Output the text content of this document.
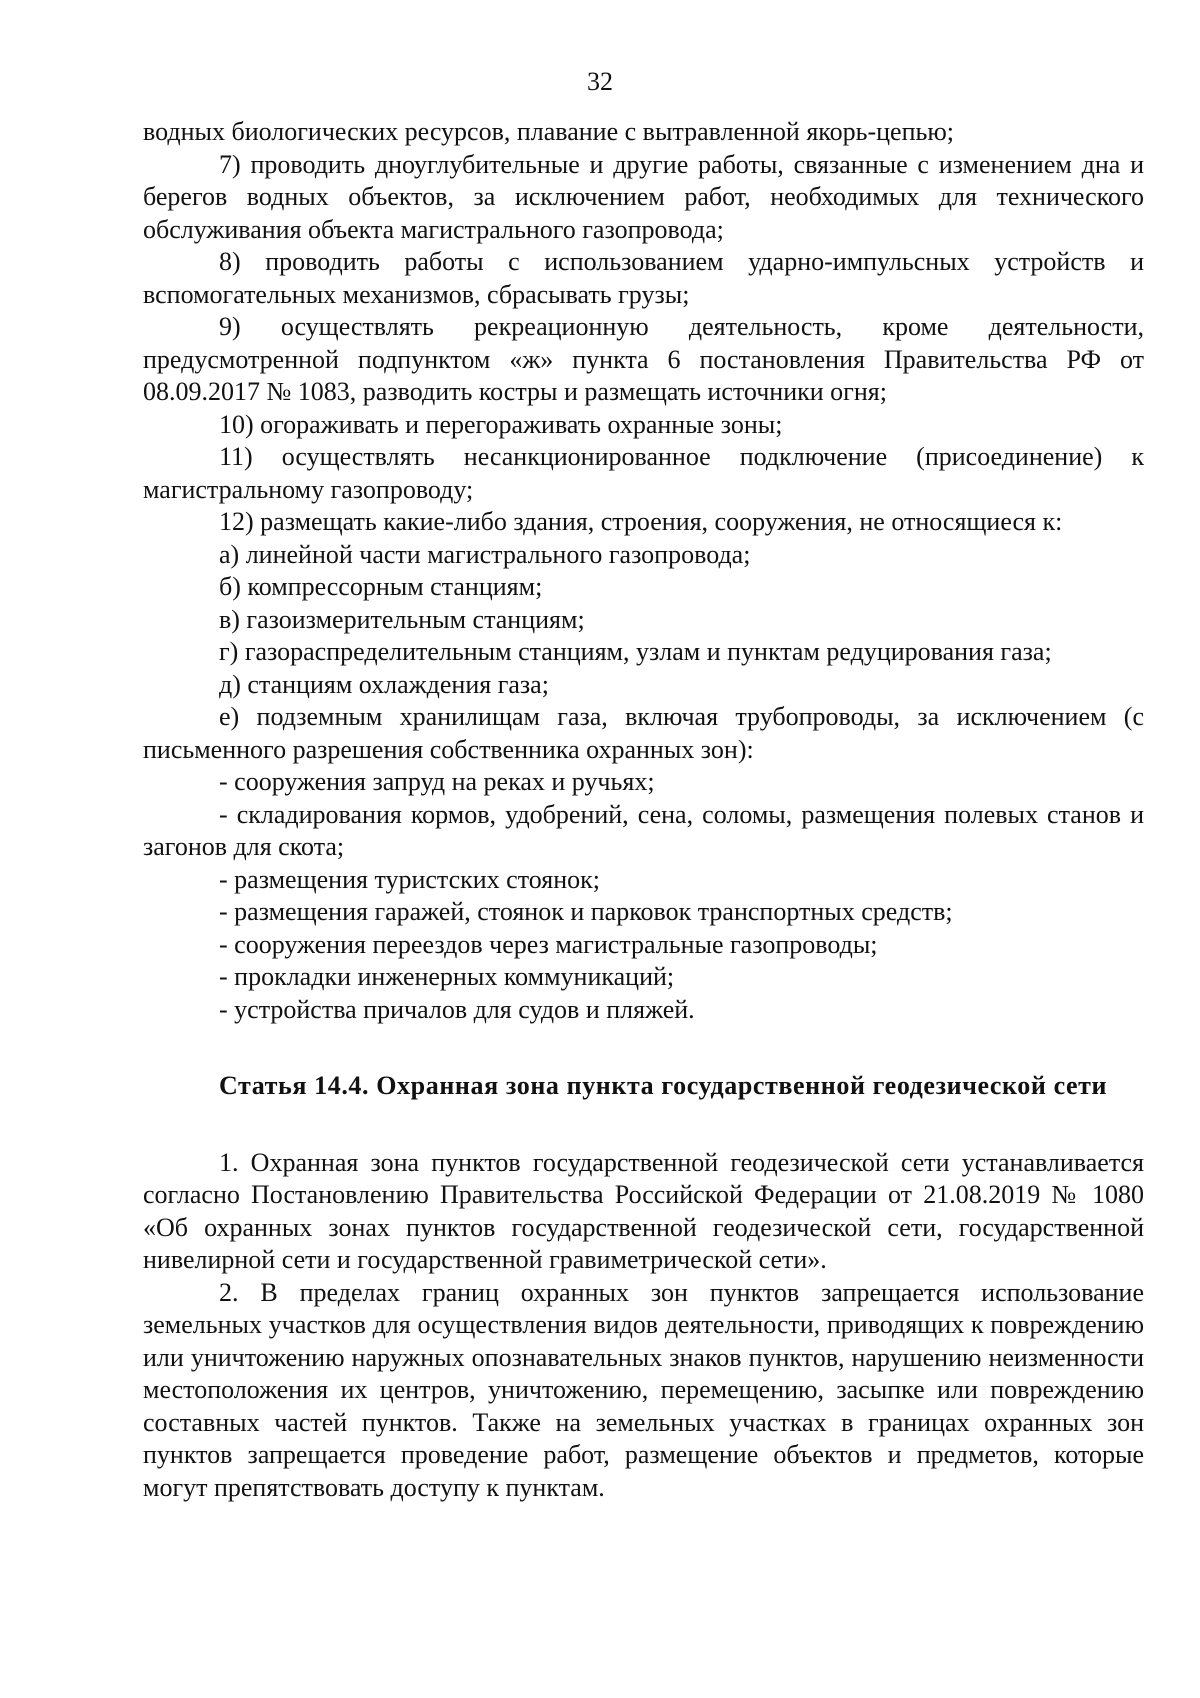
32

водных биологических ресурсов, плавание с вытравленной якорь-цепью;

7) проводить дноуглубительные и другие работы, связанные с изменением дна и берегов водных объектов, за исключением работ, необходимых для технического обслуживания объекта магистрального газопровода;

8) проводить работы с использованием ударно-импульсных устройств и вспомогательных механизмов, сбрасывать грузы;

9) осуществлять рекреационную деятельность, кроме деятельности, предусмотренной подпунктом «ж» пункта 6 постановления Правительства РФ от 08.09.2017 № 1083, разводить костры и размещать источники огня;

10) огораживать и перегораживать охранные зоны;

11) осуществлять несанкционированное подключение (присоединение) к магистральному газопроводу;

12) размещать какие-либо здания, строения, сооружения, не относящиеся к:

а) линейной части магистрального газопровода;

б) компрессорным станциям;

в) газоизмерительным станциям;

г) газораспределительным станциям, узлам и пунктам редуцирования газа;

д) станциям охлаждения газа;

е) подземным хранилищам газа, включая трубопроводы, за исключением (с письменного разрешения собственника охранных зон):

- сооружения запруд на реках и ручьях;

- складирования кормов, удобрений, сена, соломы, размещения полевых станов и загонов для скота;

- размещения туристских стоянок;

- размещения гаражей, стоянок и парковок транспортных средств;

- сооружения переездов через магистральные газопроводы;

- прокладки инженерных коммуникаций;

- устройства причалов для судов и пляжей.

Статья 14.4. Охранная зона пункта государственной геодезической сети

1. Охранная зона пунктов государственной геодезической сети устанавливается согласно Постановлению Правительства Российской Федерации от 21.08.2019 № 1080 «Об охранных зонах пунктов государственной геодезической сети, государственной нивелирной сети и государственной гравиметрической сети».

2. В пределах границ охранных зон пунктов запрещается использование земельных участков для осуществления видов деятельности, приводящих к повреждению или уничтожению наружных опознавательных знаков пунктов, нарушению неизменности местоположения их центров, уничтожению, перемещению, засыпке или повреждению составных частей пунктов. Также на земельных участках в границах охранных зон пунктов запрещается проведение работ, размещение объектов и предметов, которые могут препятствовать доступу к пунктам.
